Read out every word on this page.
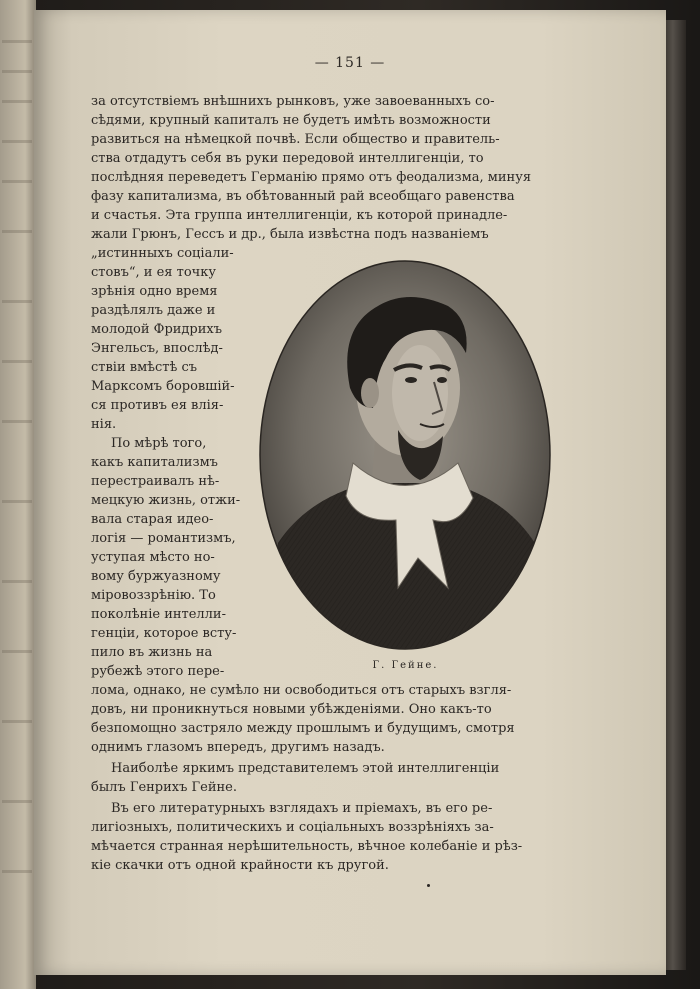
— 151 —

за отсутствіемъ внѣшнихъ рынковъ, уже завоеванныхъ со-
сѣдями, крупный капиталъ не будетъ имѣть возможности
развиться на нѣмецкой почвѣ. Если общество и правитель-
ства отдадутъ себя въ руки передовой интеллигенціи, то
послѣдняя переведетъ Германію прямо отъ феодализма, минуя
фазу капитализма, въ обѣтованный рай всеобщаго равенства
и счастья. Эта группа интеллигенціи, къ которой принадле-
жали Грюнъ, Гессъ и др., была извѣстна подъ названіемъ

„истинныхъ соціали-
стовъ“, и ея точку
зрѣнія одно время
раздѣлялъ даже и
молодой Фридрихъ
Энгельсъ, впослѣд-
ствіи вмѣстѣ съ
Марксомъ боровшій-
ся противъ ея влія-
нія.

По мѣрѣ того,
какъ капитализмъ
перестраивалъ нѣ-
мецкую жизнь, отжи-
вала старая идео-
логія — романтизмъ,
уступая мѣсто но-
вому буржуазному
міровоззрѣнію. То
поколѣніе интелли-
генціи, которое всту-
пило въ жизнь на
рубежѣ этого пере-	Г. Гейне.

лома, однако, не сумѣло ни освободиться отъ старыхъ взгля-
довъ, ни проникнуться новыми убѣжденіями. Оно какъ-то
безпомощно застряло между прошлымъ и будущимъ, смотря
однимъ глазомъ впередъ, другимъ назадъ.

Наиболѣе яркимъ представителемъ этой интеллигенціи
былъ Генрихъ Гейне.

Въ его литературныхъ взглядахъ и пріемахъ, въ его ре-
лигіозныхъ, политическихъ и соціальныхъ воззрѣніяхъ за-
мѣчается странная нерѣшительность, вѣчное колебаніе и рѣз-
кіе скачки отъ одной крайности къ другой.
